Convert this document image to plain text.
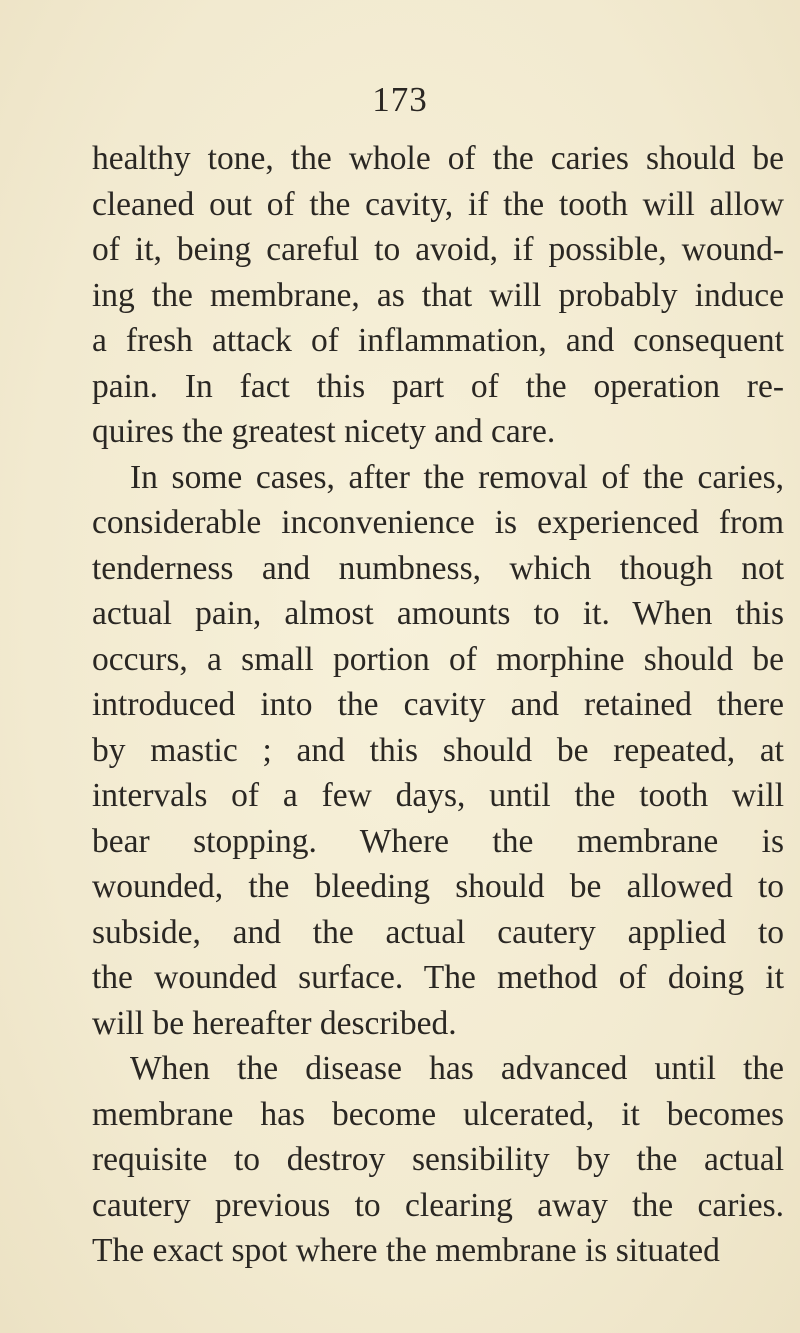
173
healthy tone, the whole of the caries should be
cleaned out of the cavity, if the tooth will allow
of it, being careful to avoid, if possible, wound-
ing the membrane, as that will probably induce
a fresh attack of inflammation, and consequent
pain. In fact this part of the operation re-
quires the greatest nicety and care.
In some cases, after the removal of the caries,
considerable inconvenience is experienced from
tenderness and numbness, which though not
actual pain, almost amounts to it. When this
occurs, a small portion of morphine should be
introduced into the cavity and retained there
by mastic ; and this should be repeated, at
intervals of a few days, until the tooth will
bear stopping. Where the membrane is
wounded, the bleeding should be allowed to
subside, and the actual cautery applied to
the wounded surface. The method of doing it
will be hereafter described.
When the disease has advanced until the
membrane has become ulcerated, it becomes
requisite to destroy sensibility by the actual
cautery previous to clearing away the caries.
The exact spot where the membrane is situated
